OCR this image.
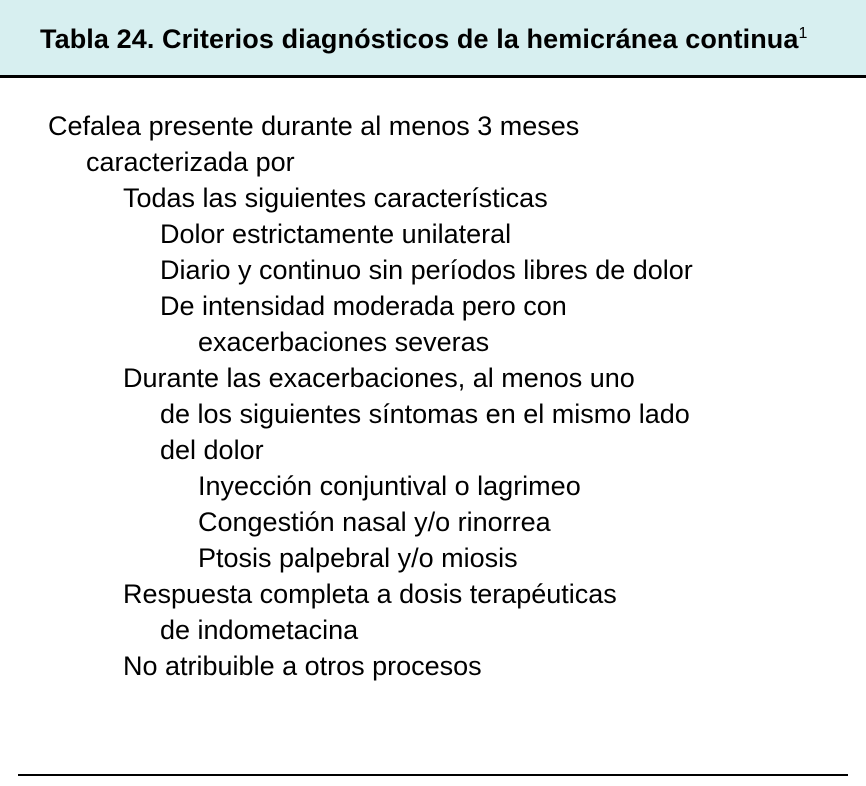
Tabla 24. Criterios diagnósticos de la hemicránea continua$^1$
Cefalea presente durante al menos 3 meses
caracterizada por
Todas las siguientes características
Dolor estrictamente unilateral
Diario y continuo sin períodos libres de dolor
De intensidad moderada pero con
exacerbaciones severas
Durante las exacerbaciones, al menos uno
de los siguientes síntomas en el mismo lado
del dolor
Inyección conjuntival o lagrimeo
Congestión nasal y/o rinorrea
Ptosis palpebral y/o miosis
Respuesta completa a dosis terapéuticas
de indometacina
No atribuible a otros procesos
